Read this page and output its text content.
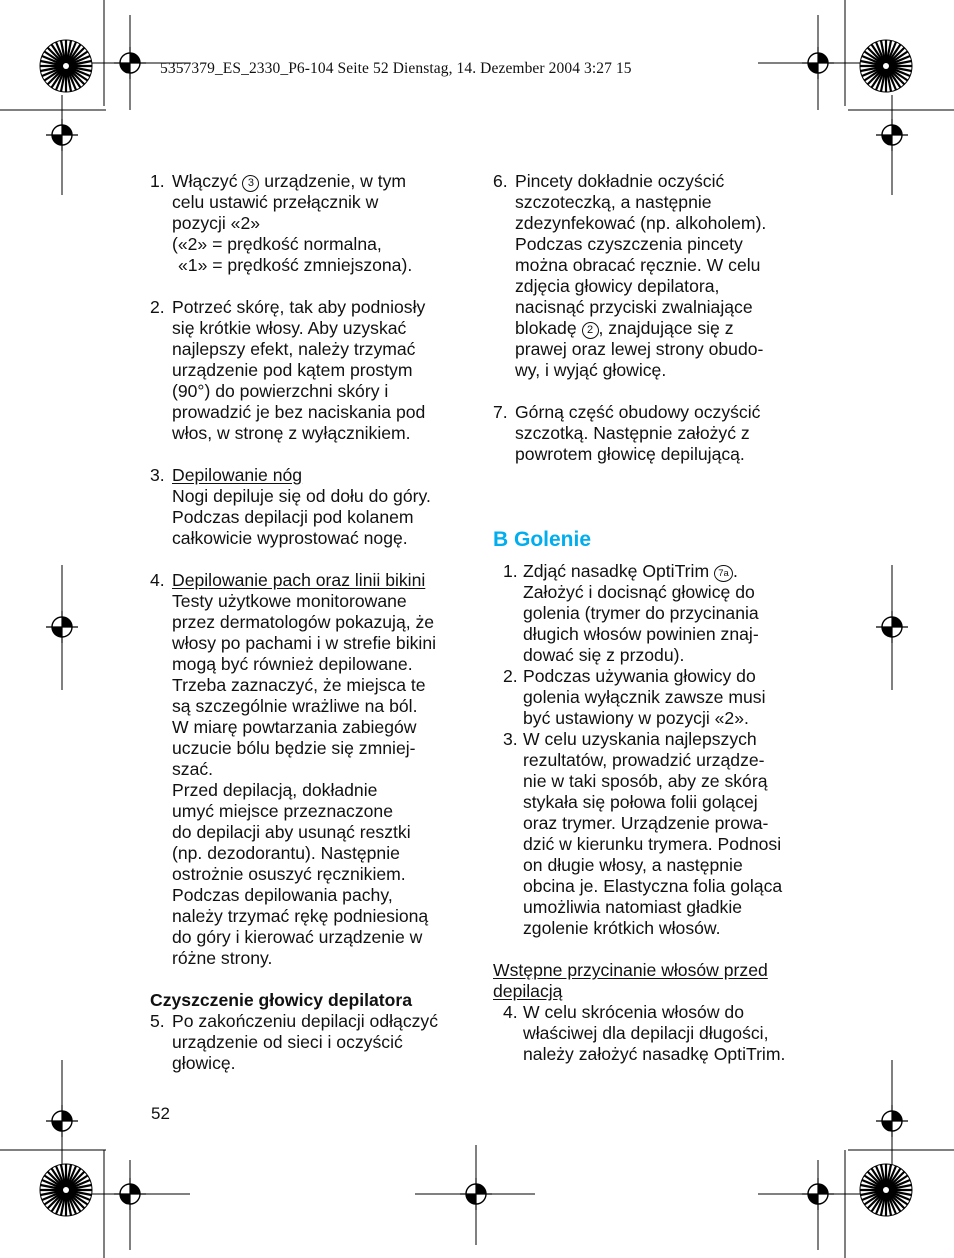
5357379_ES_2330_P6-104 Seite 52 Dienstag, 14. Dezember 2004 3:27 15
1. Włączyć 3 urządzenie, w tym

celu ustawić przełącznik w

pozycji «2»

(«2» = prędkość normalna,

«1» = prędkość zmniejszona).

2. Potrzeć skórę, tak aby podniosły

się krótkie włosy. Aby uzyskać

najlepszy efekt, należy trzymać

urządzenie pod kątem prostym

(90°) do powierzchni skóry i

prowadzić je bez naciskania pod

włos, w stronę z wyłącznikiem.

3. Depilowanie nóg

Nogi depiluje się od dołu do góry.

Podczas depilacji pod kolanem

całkowicie wyprostować nogę.

4. Depilowanie pach oraz linii bikini

Testy użytkowe monitorowane

przez dermatologów pokazują, że

włosy po pachami i w strefie bikini

mogą być również depilowane.

Trzeba zaznaczyć, że miejsca te

są szczególnie wrażliwe na ból.

W miarę powtarzania zabiegów

uczucie bólu będzie się zmniej-

szać.

Przed depilacją, dokładnie

umyć miejsce przeznaczone

do depilacji aby usunąć resztki

(np. dezodorantu). Następnie

ostrożnie osuszyć ręcznikiem.

Podczas depilowania pachy,

należy trzymać rękę podniesioną

do góry i kierować urządzenie w

różne strony.

Czyszczenie głowicy depilatora

5. Po zakończeniu depilacji odłączyć

urządzenie od sieci i oczyścić

głowicę.

6. Pincety dokładnie oczyścić

szczoteczką, a następnie

zdezynfekować (np. alkoholem).

Podczas czyszczenia pincety

można obracać ręcznie. W celu

zdjęcia głowicy depilatora,

nacisnąć przyciski zwalniające

blokadę 2 , znajdujące się z

prawej oraz lewej strony obudo-

wy, i wyjąć głowicę.

7. Górną część obudowy oczyścić

szczotką. Następnie założyć z

powrotem głowicę depilującą.

B Golenie

1. Zdjąć nasadkę OptiTrim 7a .

Założyć i docisnąć głowicę do

golenia (trymer do przycinania

długich włosów powinien znaj-

dować się z przodu).

2. Podczas używania głowicy do

golenia wyłącznik zawsze musi

być ustawiony w pozycji «2».

3. W celu uzyskania najlepszych

rezultatów, prowadzić urządze-

nie w taki sposób, aby ze skórą

stykała się połowa folii golącej

oraz trymer. Urządzenie prowa-

dzić w kierunku trymera. Podnosi

on długie włosy, a następnie

obcina je. Elastyczna folia goląca

umożliwia natomiast gładkie

zgolenie krótkich włosów.

Wstępne przycinanie włosów przed

depilacją

4. W celu skrócenia włosów do

właściwej dla depilacji długości,

należy założyć nasadkę OptiTrim.

52
